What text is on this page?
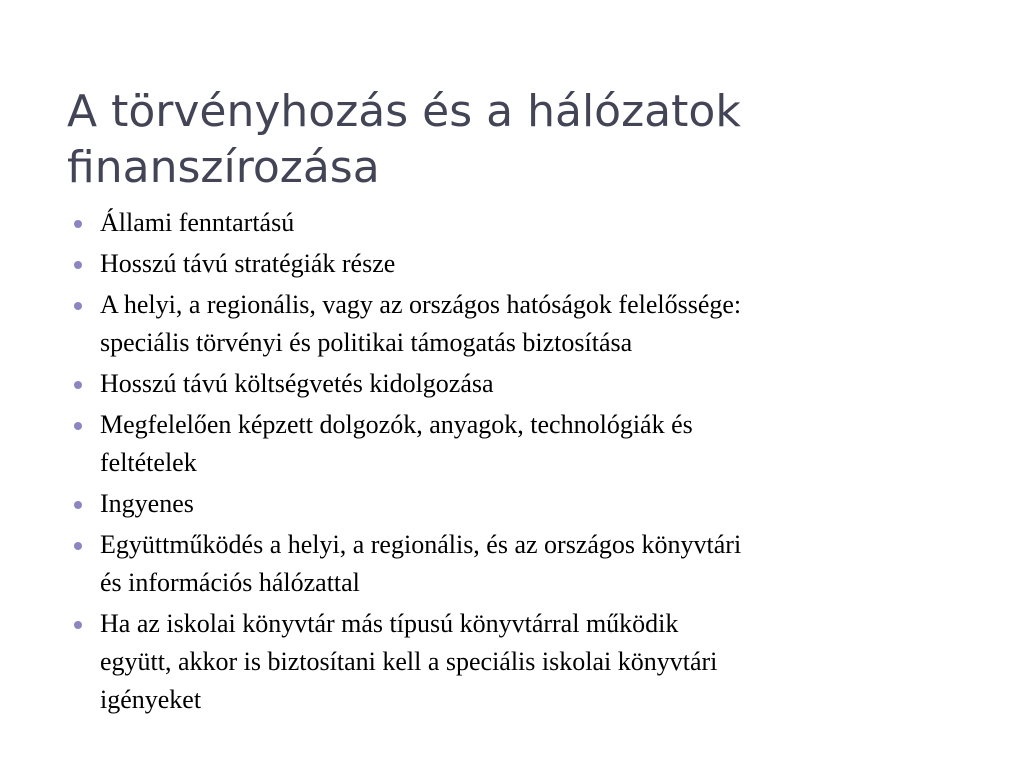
A törvényhozás és a hálózatok
finanszírozása
Állami fenntartású
Hosszú távú stratégiák része
A helyi, a regionális, vagy az országos hatóságok felelőssége:
speciális törvényi és politikai támogatás biztosítása
Hosszú távú költségvetés kidolgozása
Megfelelően képzett dolgozók, anyagok, technológiák és
feltételek
Ingyenes
Együttműködés a helyi, a regionális, és az országos könyvtári
és információs hálózattal
Ha az iskolai könyvtár más típusú könyvtárral működik
együtt, akkor is biztosítani kell a speciális iskolai könyvtári
igényeket
